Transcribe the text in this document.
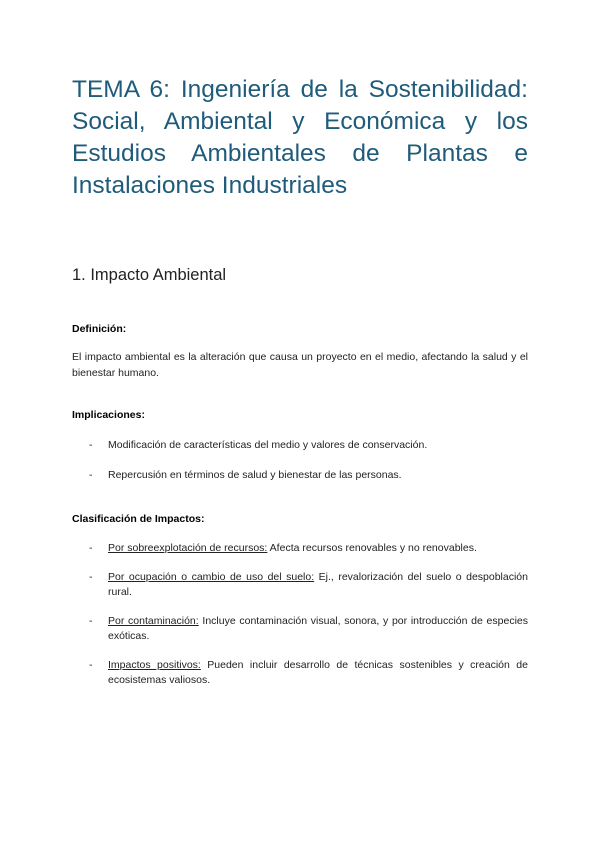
TEMA 6: Ingeniería de la Sostenibilidad: Social, Ambiental y Económica y los Estudios Ambientales de Plantas e Instalaciones Industriales
1. Impacto Ambiental

Definición:

El impacto ambiental es la alteración que causa un proyecto en el medio, afectando la salud y el bienestar humano.

Implicaciones:

- Modificación de características del medio y valores de conservación.
- Repercusión en términos de salud y bienestar de las personas.

Clasificación de Impactos:

- Por sobreexplotación de recursos: Afecta recursos renovables y no renovables.
- Por ocupación o cambio de uso del suelo: Ej., revalorización del suelo o despoblación rural.
- Por contaminación: Incluye contaminación visual, sonora, y por introducción de especies exóticas.
- Impactos positivos: Pueden incluir desarrollo de técnicas sostenibles y creación de ecosistemas valiosos.
